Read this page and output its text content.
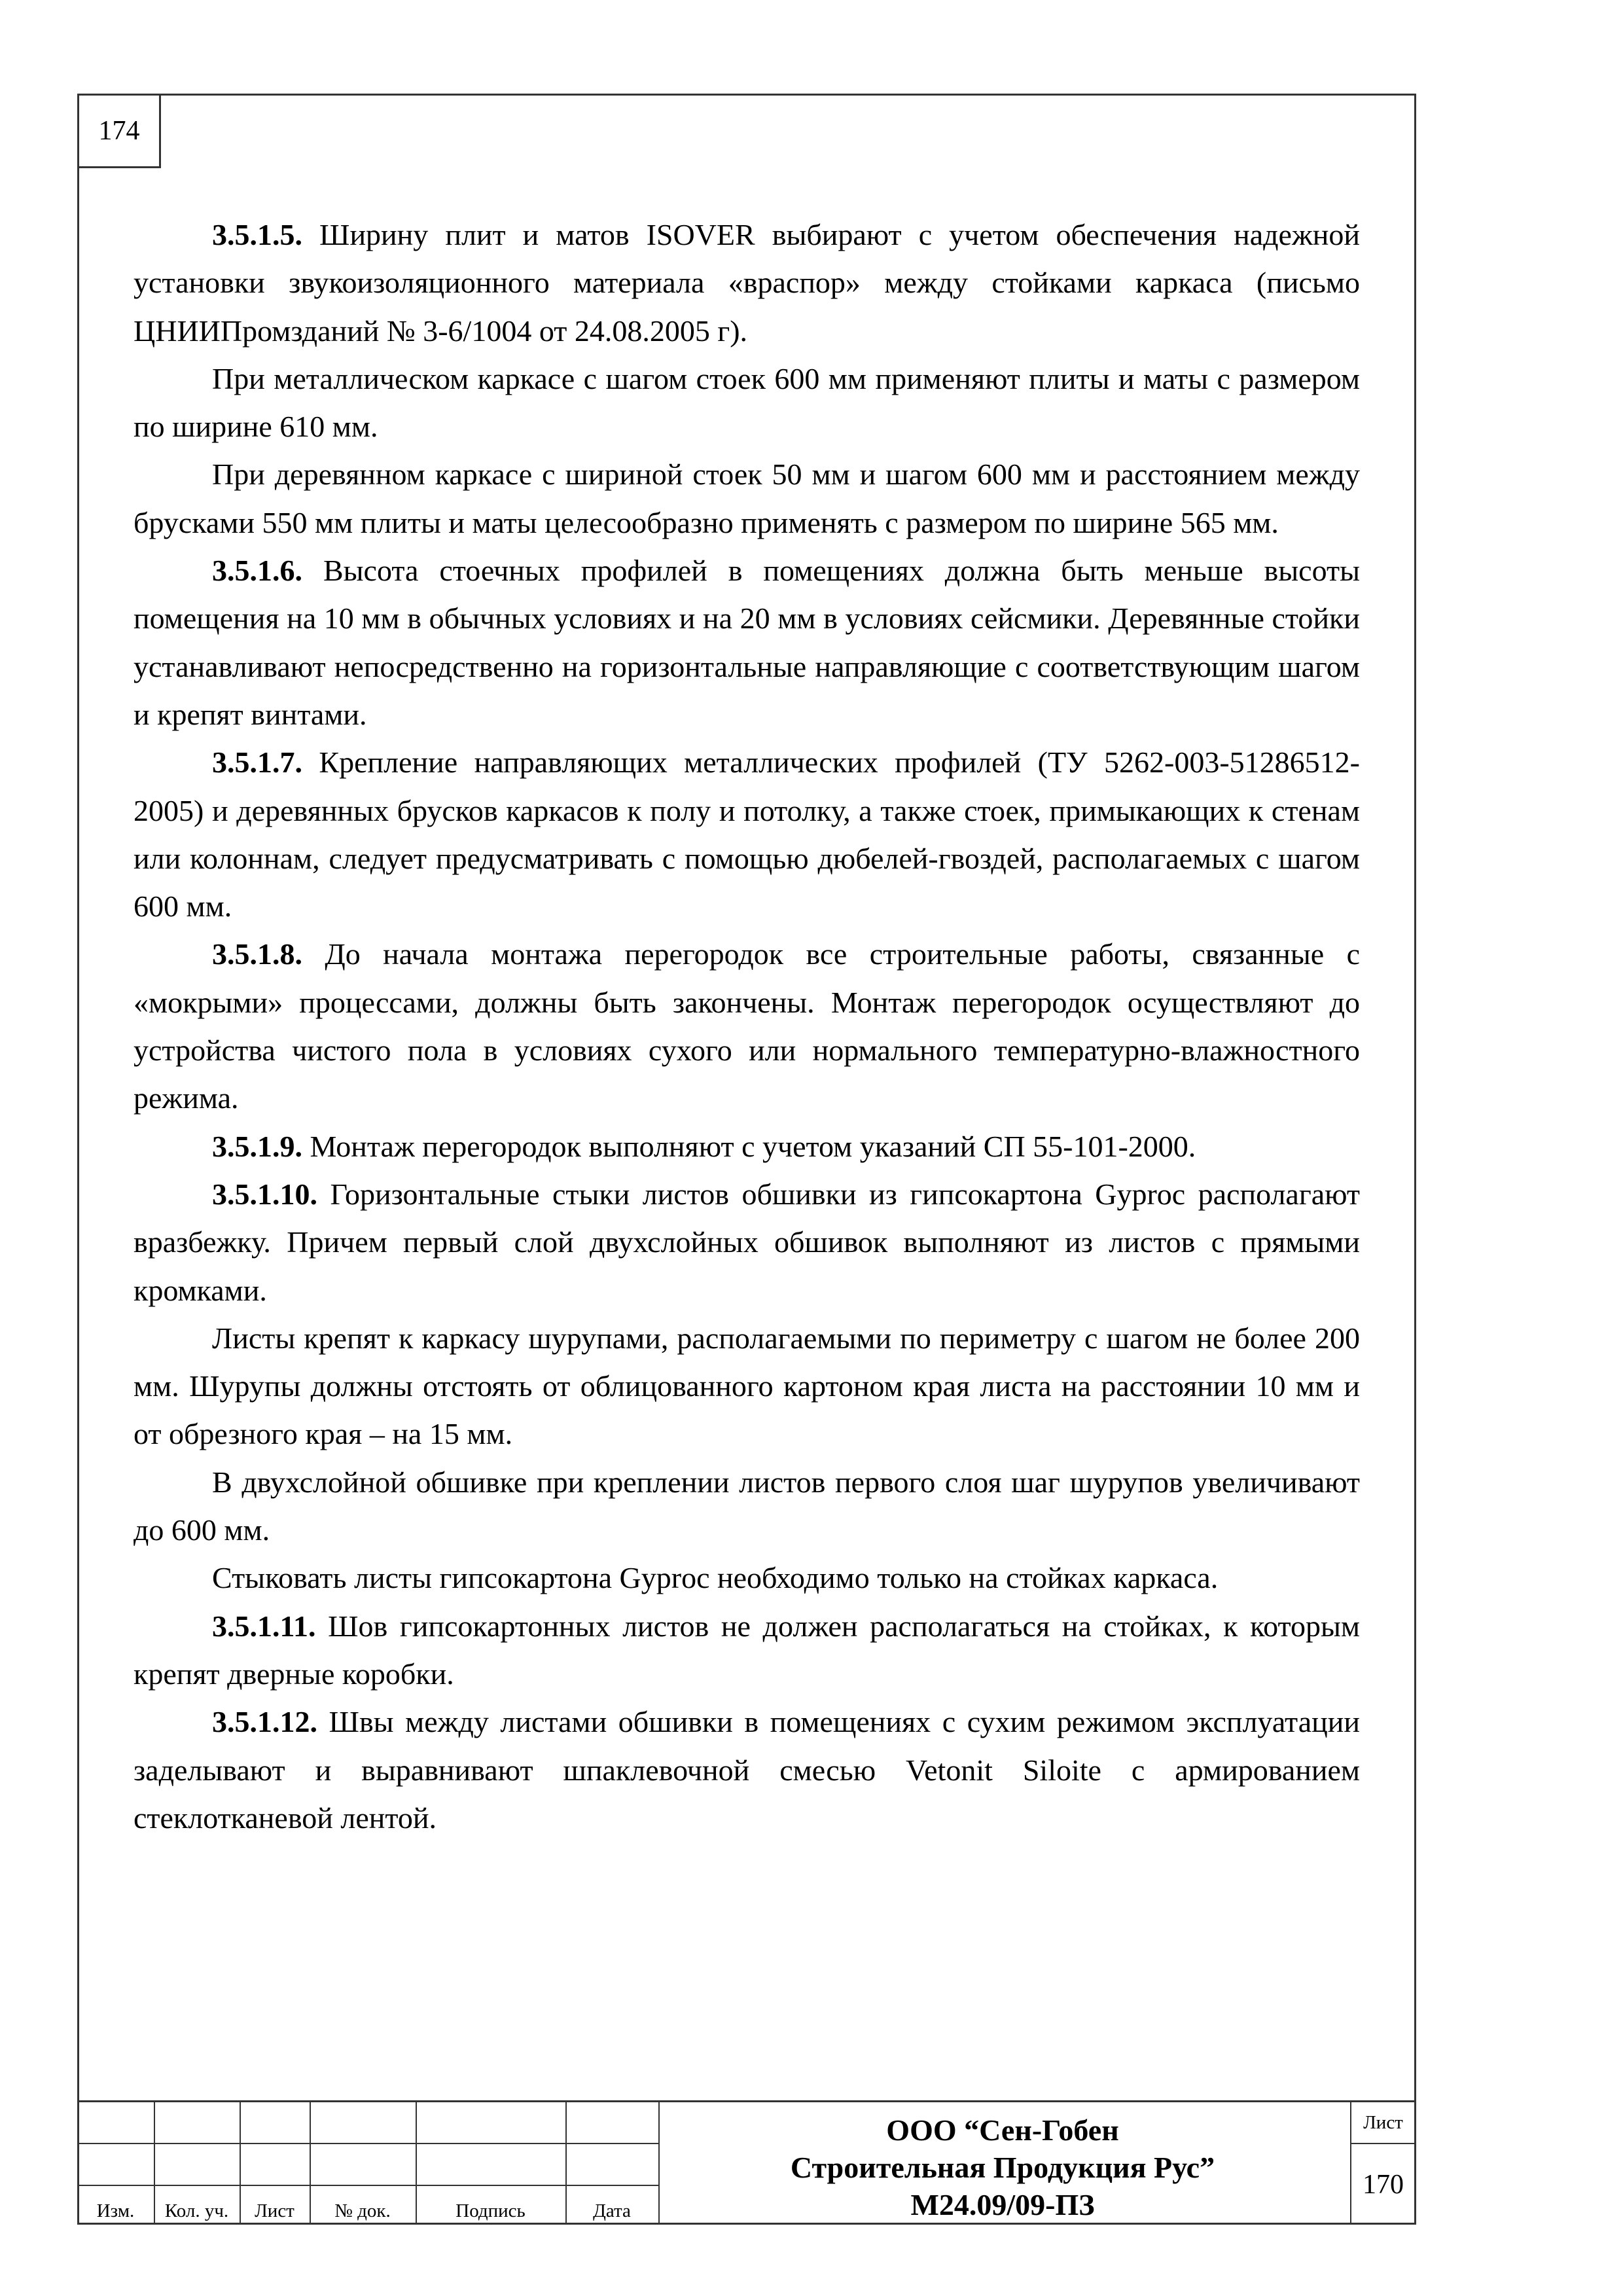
174

3.5.1.5. Ширину плит и матов ISOVER выбирают с учетом обеспечения надежной установки звукоизоляционного материала «враспор» между стойками каркаса (письмо ЦНИИПромзданий № 3-6/1004 от 24.08.2005 г).

При металлическом каркасе с шагом стоек 600 мм применяют плиты и маты с размером по ширине 610 мм.

При деревянном каркасе с шириной стоек 50 мм и шагом 600 мм и расстоянием между брусками 550 мм плиты и маты целесообразно применять с размером по ширине 565 мм.

3.5.1.6. Высота стоечных профилей в помещениях должна быть меньше высоты помещения на 10 мм в обычных условиях и на 20 мм в условиях сейсмики. Деревянные стойки устанавливают непосредственно на горизонтальные направляющие с соответствующим шагом и крепят винтами.

3.5.1.7. Крепление направляющих металлических профилей (ТУ 5262-003-51286512-2005) и деревянных брусков каркасов к полу и потолку, а также стоек, примыкающих к стенам или колоннам, следует предусматривать с помощью дюбелей-гвоздей, располагаемых с шагом 600 мм.

3.5.1.8. До начала монтажа перегородок все строительные работы, связанные с «мокрыми» процессами, должны быть закончены. Монтаж перегородок осуществляют до устройства чистого пола в условиях сухого или нормального температурно-влажностного режима.

3.5.1.9. Монтаж перегородок выполняют с учетом указаний СП 55-101-2000.

3.5.1.10. Горизонтальные стыки листов обшивки из гипсокартона Gyproc располагают вразбежку. Причем первый слой двухслойных обшивок выполняют из листов с прямыми кромками.

Листы крепят к каркасу шурупами, располагаемыми по периметру с шагом не более 200 мм. Шурупы должны отстоять от облицованного картоном края листа на расстоянии 10 мм и от обрезного края – на 15 мм.

В двухслойной обшивке при креплении листов первого слоя шаг шурупов увеличивают до 600 мм.

Стыковать листы гипсокартона Gyproc необходимо только на стойках каркаса.

3.5.1.11. Шов гипсокартонных листов не должен располагаться на стойках, к которым крепят дверные коробки.

3.5.1.12. Швы между листами обшивки в помещениях с сухим режимом эксплуатации заделывают и выравнивают шпаклевочной смесью Vetonit Siloite с армированием стеклотканевой лентой.

Изм.	Кол. уч.	Лист	№ док.	Подпись	Дата
ООО “Сен-Гобен
Строительная Продукция Рус”
М24.09/09-ПЗ
Лист
170
